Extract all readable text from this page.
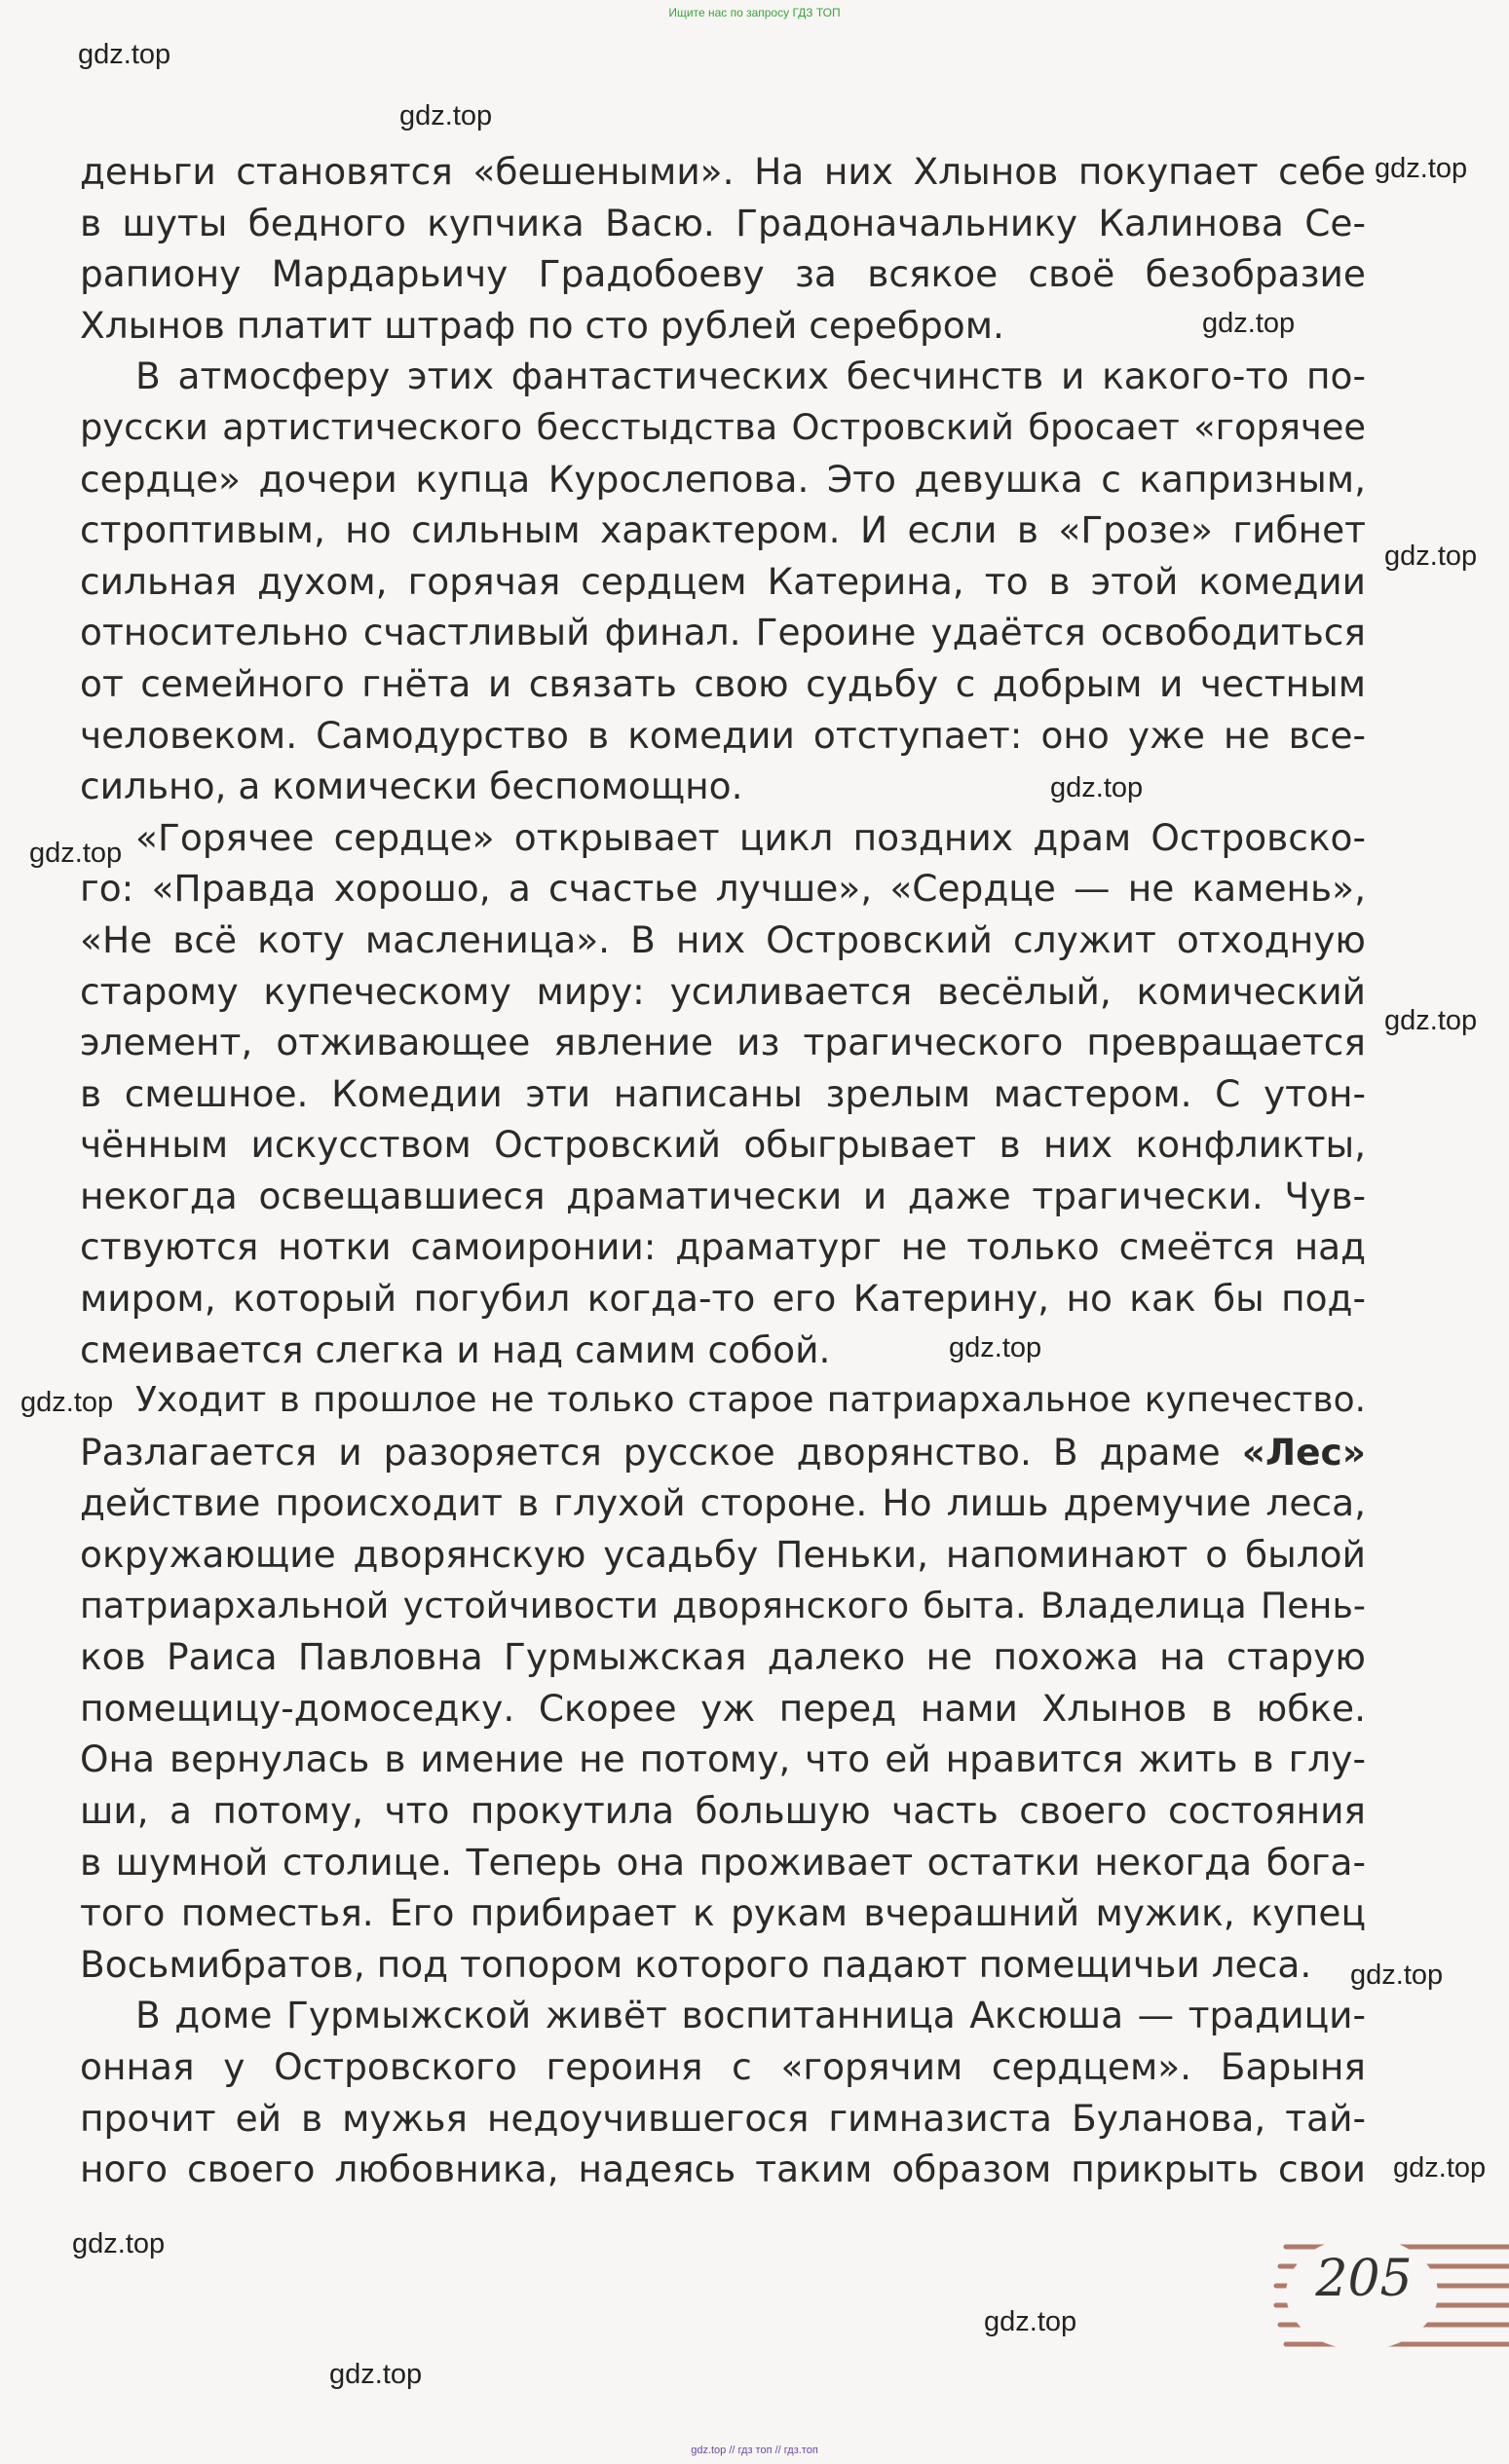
Ищите нас по запросу ГДЗ ТОП
gdz.top
gdz.top
gdz.top
gdz.top
gdz.top
gdz.top
gdz.top
gdz.top
gdz.top
gdz.top
gdz.top
gdz.top
gdz.top
gdz.top
gdz.top
деньги становятся «бешеными». На них Хлынов покупает себе
в шуты бедного купчика Васю. Градоначальнику Калинова Се-
рапиону Мардарьичу Градобоеву за всякое своё безобразие
Хлынов платит штраф по сто рублей серебром.
В атмосферу этих фантастических бесчинств и какого-то по-
русски артистического бесстыдства Островский бросает «горячее
сердце» дочери купца Курослепова. Это девушка с капризным,
строптивым, но сильным характером. И если в «Грозе» гибнет
сильная духом, горячая сердцем Катерина, то в этой комедии
относительно счастливый финал. Героине удаётся освободиться
от семейного гнёта и связать свою судьбу с добрым и честным
человеком. Самодурство в комедии отступает: оно уже не все-
сильно, а комически беспомощно.
«Горячее сердце» открывает цикл поздних драм Островско-
го: «Правда хорошо, а счастье лучше», «Сердце — не камень»,
«Не всё коту масленица». В них Островский служит отходную
старому купеческому миру: усиливается весёлый, комический
элемент, отживающее явление из трагического превращается
в смешное. Комедии эти написаны зрелым мастером. С утон-
чённым искусством Островский обыгрывает в них конфликты,
некогда освещавшиеся драматически и даже трагически. Чув-
ствуются нотки самоиронии: драматург не только смеётся над
миром, который погубил когда-то его Катерину, но как бы под-
смеивается слегка и над самим собой.
Уходит в прошлое не только старое патриархальное купечество.
Разлагается и разоряется русское дворянство. В драме «Лес»
действие происходит в глухой стороне. Но лишь дремучие леса,
окружающие дворянскую усадьбу Пеньки, напоминают о былой
патриархальной устойчивости дворянского быта. Владелица Пень-
ков Раиса Павловна Гурмыжская далеко не похожа на старую
помещицу-домоседку. Скорее уж перед нами Хлынов в юбке.
Она вернулась в имение не потому, что ей нравится жить в глу-
ши, а потому, что прокутила большую часть своего состояния
в шумной столице. Теперь она проживает остатки некогда бога-
того поместья. Его прибирает к рукам вчерашний мужик, купец
Восьмибратов, под топором которого падают помещичьи леса.
В доме Гурмыжской живёт воспитанница Аксюша — традици-
онная у Островского героиня с «горячим сердцем». Барыня
прочит ей в мужья недоучившегося гимназиста Буланова, тай-
ного своего любовника, надеясь таким образом прикрыть свои
205
gdz.top // гдз топ // гдз.топ
